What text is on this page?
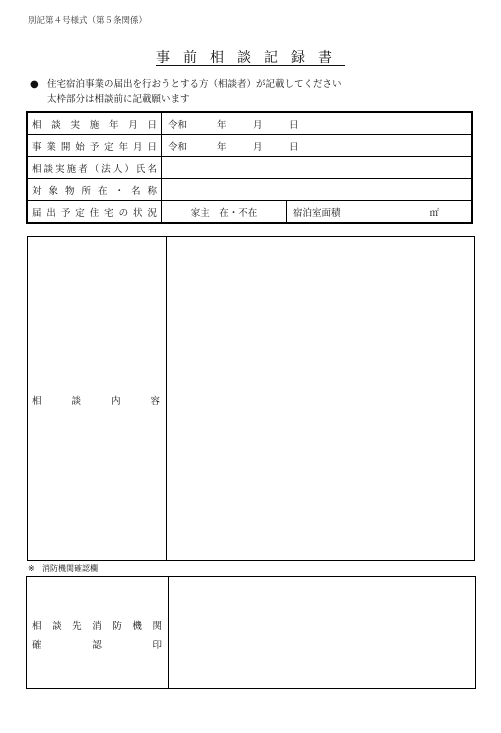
別記第４号様式（第５条関係）
事前相談記録書
● 住宅宿泊事業の届出を行おうとする方（相談者）が記載してください
太枠部分は相談前に記載願います
相談実施年月日	令和 年 月 日		

事業開始予定年月日	令和 年 月 日		

相談実施者（法人）氏名			

対象物所在・名称			

届出予定住宅の状況	家主　在・不在	宿泊室面積	㎡
相談内容
※ 消防機関確認欄
相談先消防機関
確認印
